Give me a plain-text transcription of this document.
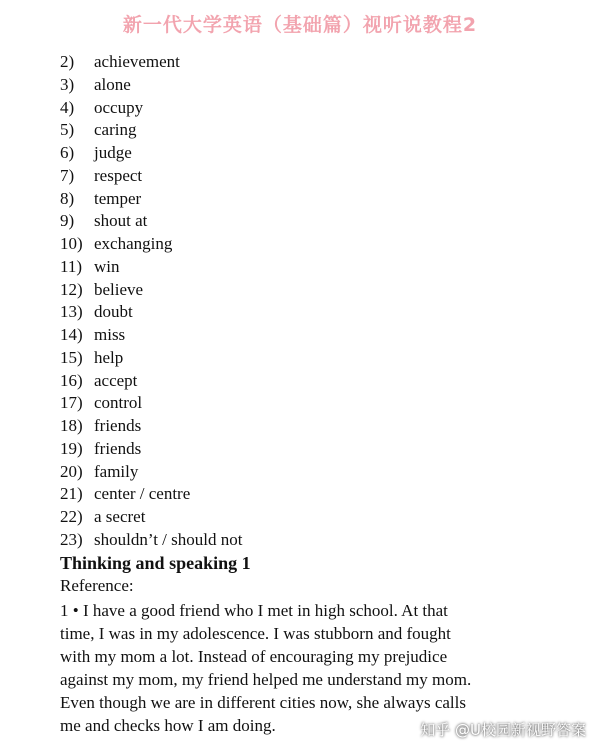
新一代大学英语（基础篇）视听说教程2
2) achievement
3) alone
4) occupy
5) caring
6) judge
7) respect
8) temper
9) shout at
10) exchanging
11) win
12) believe
13) doubt
14) miss
15) help
16) accept
17) control
18) friends
19) friends
20) family
21) center / centre
22) a secret
23) shouldn’t / should not
Thinking and speaking 1
Reference:
1 • I have a good friend who I met in high school. At that
time, I was in my adolescence. I was stubborn and fought
with my mom a lot. Instead of encouraging my prejudice
against my mom, my friend helped me understand my mom.
Even though we are in different cities now, she always calls
me and checks how I am doing.	知乎 @U校园新视野答案
